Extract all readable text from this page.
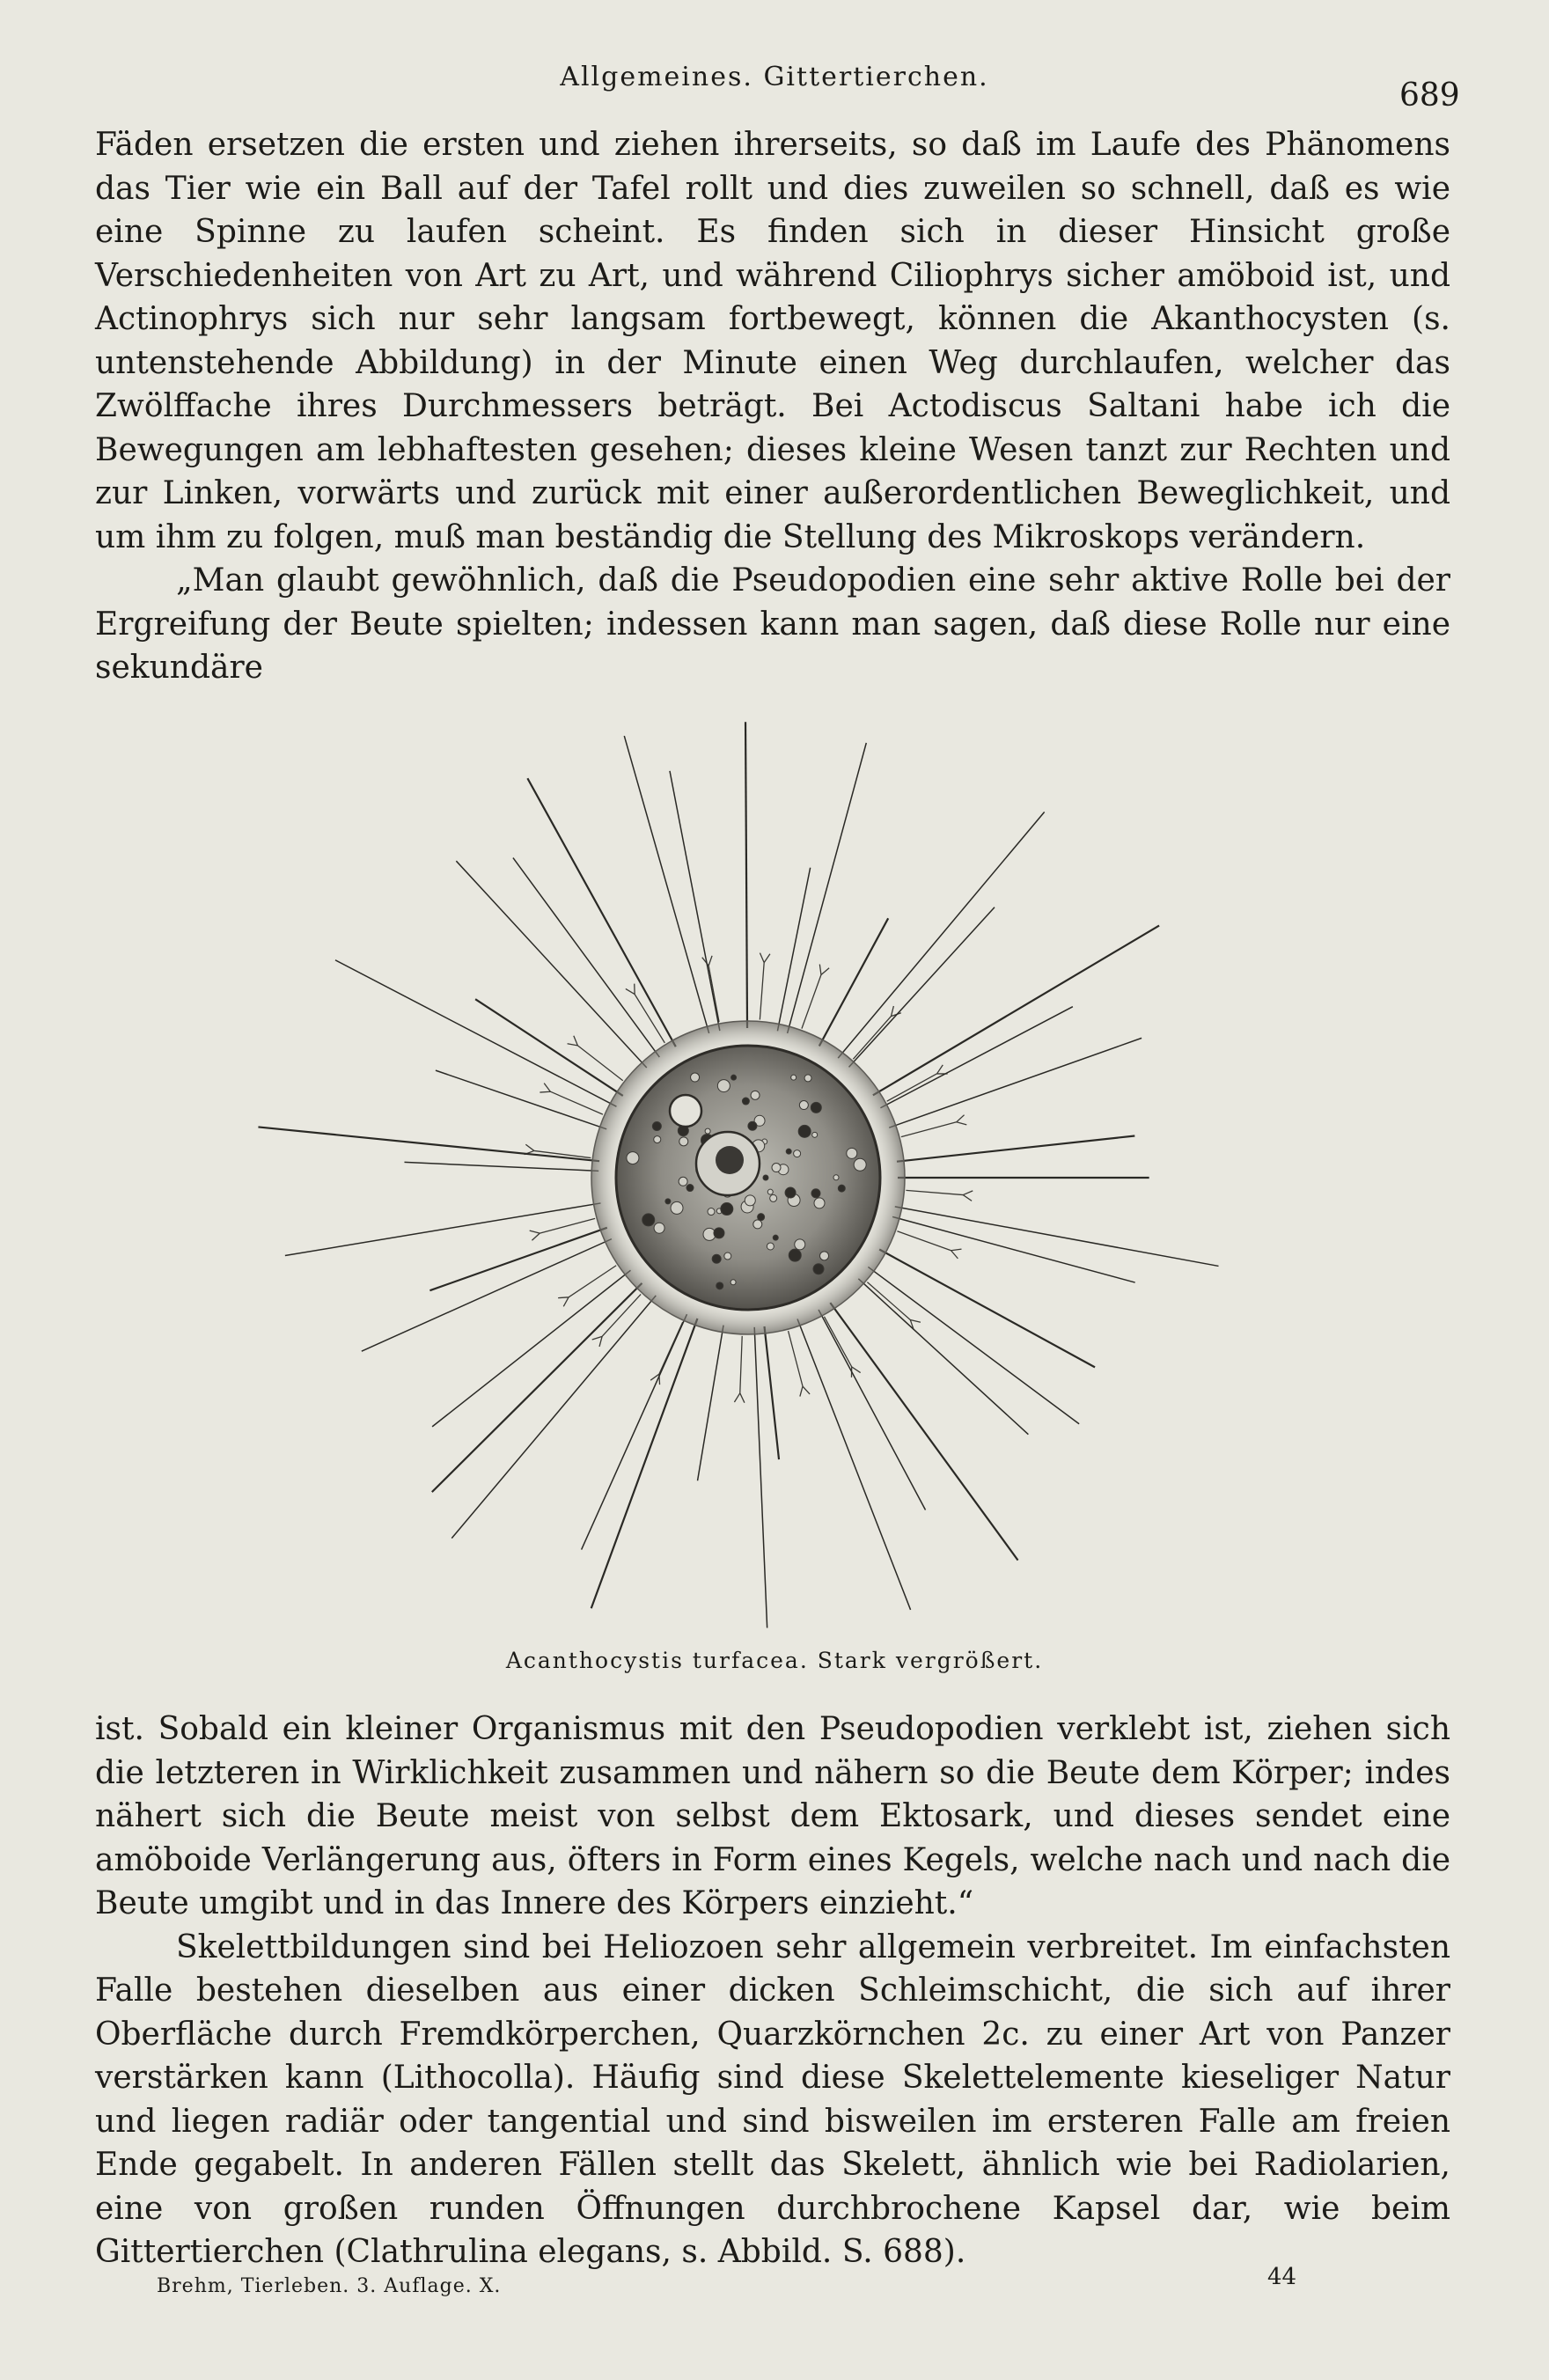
Allgemeines. Gittertierchen.
689

Fäden ersetzen die ersten und ziehen ihrerseits, so daß im Laufe des Phänomens das Tier wie ein Ball auf der Tafel rollt und dies zuweilen so schnell, daß es wie eine Spinne zu laufen scheint. Es finden sich in dieser Hinsicht große Verschiedenheiten von Art zu Art, und während Ciliophrys sicher amöboid ist, und Actinophrys sich nur sehr langsam fortbewegt, können die Akanthocysten (s. untenstehende Abbildung) in der Minute einen Weg durchlaufen, welcher das Zwölffache ihres Durchmessers beträgt. Bei Actodiscus Saltani habe ich die Bewegungen am lebhaftesten gesehen; dieses kleine Wesen tanzt zur Rechten und zur Linken, vorwärts und zurück mit einer außerordentlichen Beweglichkeit, und um ihm zu folgen, muß man beständig die Stellung des Mikroskops verändern.

„Man glaubt gewöhnlich, daß die Pseudopodien eine sehr aktive Rolle bei der Ergreifung der Beute spielten; indessen kann man sagen, daß diese Rolle nur eine sekundäre

Acanthocystis turfacea. Stark vergrößert.

ist. Sobald ein kleiner Organismus mit den Pseudopodien verklebt ist, ziehen sich die letzteren in Wirklichkeit zusammen und nähern so die Beute dem Körper; indes nähert sich die Beute meist von selbst dem Ektosark, und dieses sendet eine amöboide Verlängerung aus, öfters in Form eines Kegels, welche nach und nach die Beute umgibt und in das Innere des Körpers einzieht.“

Skelettbildungen sind bei Heliozoen sehr allgemein verbreitet. Im einfachsten Falle bestehen dieselben aus einer dicken Schleimschicht, die sich auf ihrer Oberfläche durch Fremdkörperchen, Quarzkörnchen 2c. zu einer Art von Panzer verstärken kann (Lithocolla). Häufig sind diese Skelettelemente kieseliger Natur und liegen radiär oder tangential und sind bisweilen im ersteren Falle am freien Ende gegabelt. In anderen Fällen stellt das Skelett, ähnlich wie bei Radiolarien, eine von großen runden Öffnungen durchbrochene Kapsel dar, wie beim Gittertierchen (Clathrulina elegans, s. Abbild. S. 688).

Brehm, Tierleben. 3. Auflage. X.	44
